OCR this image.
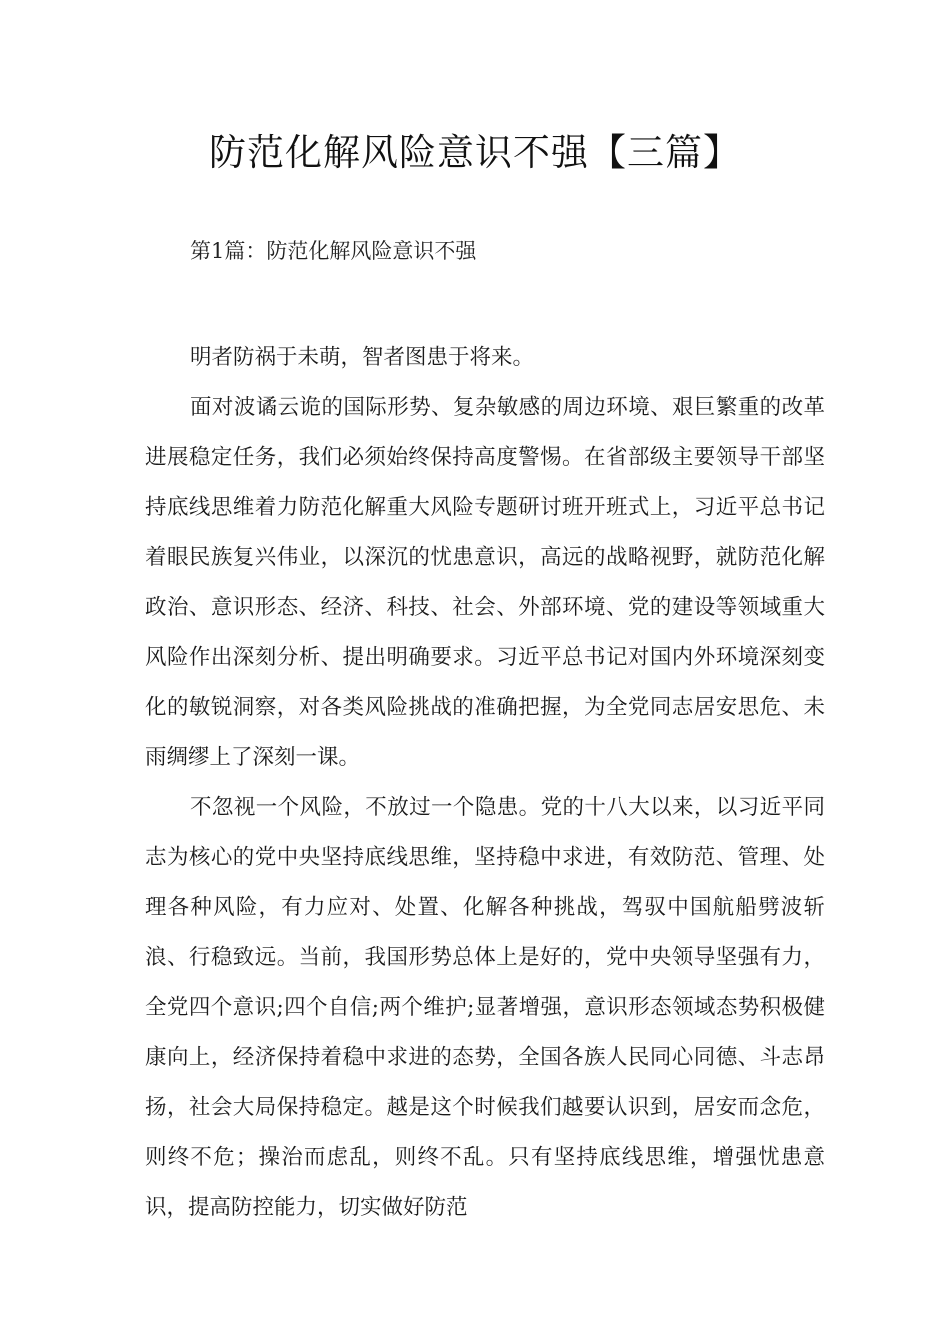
防范化解风险意识不强【三篇】
第1篇：防范化解风险意识不强

明者防祸于未萌，智者图患于将来。

面对波谲云诡的国际形势、复杂敏感的周边环境、艰巨繁重的改革进展稳定任务，我们必须始终保持高度警惕。在省部级主要领导干部坚持底线思维着力防范化解重大风险专题研讨班开班式上，习近平总书记着眼民族复兴伟业，以深沉的忧患意识，高远的战略视野，就防范化解政治、意识形态、经济、科技、社会、外部环境、党的建设等领域重大风险作出深刻分析、提出明确要求。习近平总书记对国内外环境深刻变化的敏锐洞察，对各类风险挑战的准确把握，为全党同志居安思危、未雨绸缪上了深刻一课。

不忽视一个风险，不放过一个隐患。党的十八大以来，以习近平同志为核心的党中央坚持底线思维，坚持稳中求进，有效防范、管理、处理各种风险，有力应对、处置、化解各种挑战，驾驭中国航船劈波斩浪、行稳致远。当前，我国形势总体上是好的，党中央领导坚强有力，全党四个意识;四个自信;两个维护;显著增强，意识形态领域态势积极健康向上，经济保持着稳中求进的态势，全国各族人民同心同德、斗志昂扬，社会大局保持稳定。越是这个时候我们越要认识到，居安而念危，则终不危；操治而虑乱，则终不乱。只有坚持底线思维，增强忧患意识，提高防控能力，切实做好防范
